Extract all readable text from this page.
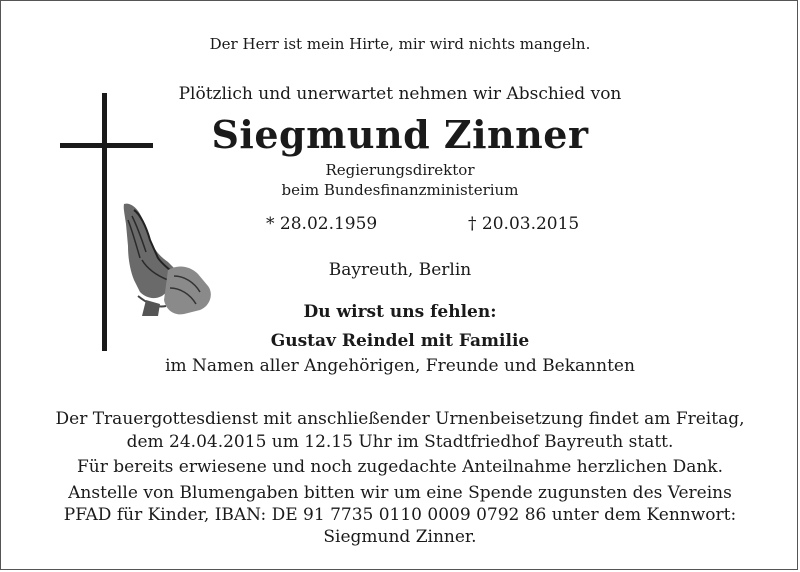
Der Herr ist mein Hirte, mir wird nichts mangeln.
Plötzlich und unerwartet nehmen wir Abschied von
Siegmund Zinner
Regierungsdirektor
beim Bundesfinanzministerium
* 28.02.1959	† 20.03.2015
Bayreuth, Berlin
Du wirst uns fehlen:
Gustav Reindel mit Familie
im Namen aller Angehörigen, Freunde und Bekannten
Der Trauergottesdienst mit anschließender Urnenbeisetzung findet am Freitag,
dem 24.04.2015 um 12.15 Uhr im Stadtfriedhof Bayreuth statt.
Für bereits erwiesene und noch zugedachte Anteilnahme herzlichen Dank.
Anstelle von Blumengaben bitten wir um eine Spende zugunsten des Vereins
PFAD für Kinder, IBAN: DE 91 7735 0110 0009 0792 86 unter dem Kennwort:
Siegmund Zinner.
